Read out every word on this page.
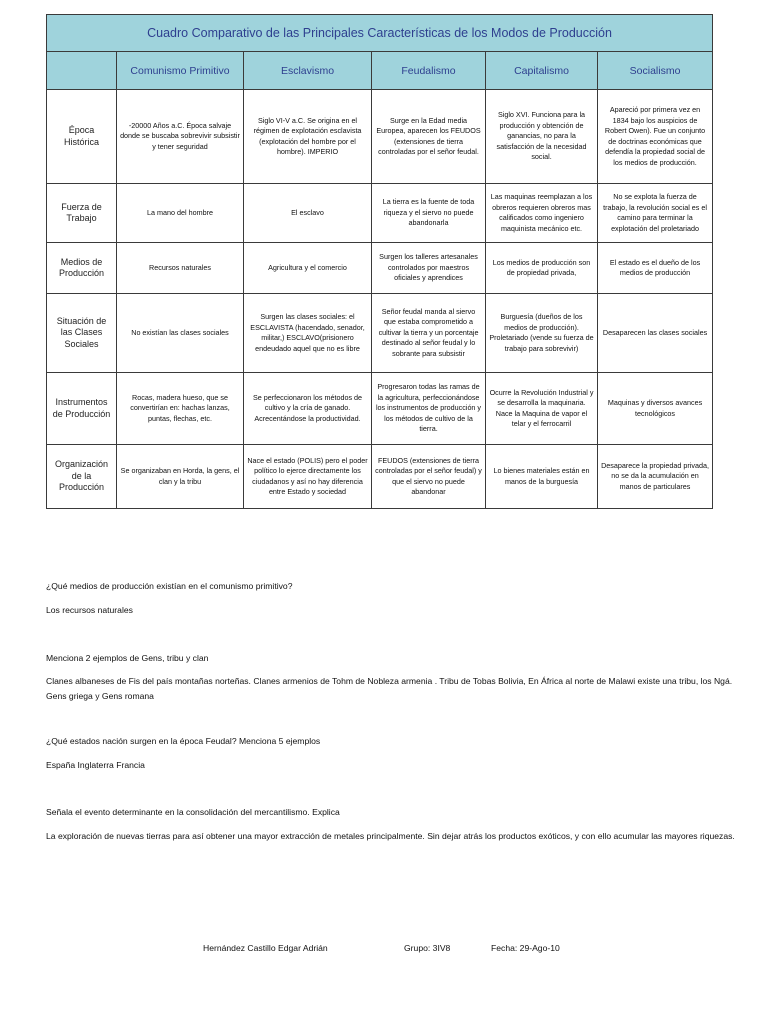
Cuadro Comparativo de las Principales Características de los Modos de Producción					
	Comunismo Primitivo	Esclavismo	Feudalismo	Capitalismo	Socialismo
Época Histórica	-20000 Años a.C. Época salvaje donde se buscaba sobrevivir subsistir y tener seguridad	Siglo VI-V a.C. Se origina en el régimen de explotación esclavista (explotación del hombre por el hombre). IMPERIO	Surge en la Edad media Europea, aparecen los FEUDOS (extensiones de tierra controladas por el señor feudal.	Siglo XVI. Funciona para la producción y obtención de ganancias, no para la satisfacción de la necesidad social.	Apareció por primera vez en 1834 bajo los auspicios de Robert Owen). Fue un conjunto de doctrinas económicas que defendía la propiedad social de los medios de producción.
Fuerza de Trabajo	La mano del hombre	El esclavo	La tierra es la fuente de toda riqueza y el siervo no puede abandonarla	Las maquinas reemplazan a los obreros requieren obreros mas calificados como ingeniero maquinista mecánico etc.	No se explota la fuerza de trabajo, la revolución social es el camino para terminar la explotación del proletariado
Medios de Producción	Recursos naturales	Agricultura y el comercio	Surgen los talleres artesanales controlados por maestros oficiales y aprendices	Los medios de producción son de propiedad privada,	El estado es el dueño de los medios de producción
Situación de las Clases Sociales	No existían las clases sociales	Surgen las clases sociales: el ESCLAVISTA (hacendado, senador, militar,) ESCLAVO(prisionero endeudado aquel que no es libre	Señor feudal manda al siervo que estaba comprometido a cultivar la tierra y un porcentaje destinado al señor feudal y lo sobrante para subsistir	Burguesía (dueños de los medios de producción). Proletariado (vende su fuerza de trabajo para sobrevivir)	Desaparecen las clases sociales
Instrumentos de Producción	Rocas, madera hueso, que se convertirían en: hachas lanzas, puntas, flechas, etc.	Se perfeccionaron los métodos de cultivo y la cría de ganado. Acrecentándose la productividad.	Progresaron todas las ramas de la agricultura, perfeccionándose los instrumentos de producción y los métodos de cultivo de la tierra.	Ocurre la Revolución Industrial y se desarrolla la maquinaria. Nace la Maquina de vapor el telar y el ferrocarril	Maquinas y diversos avances tecnológicos
Organización de la Producción	Se organizaban en Horda, la gens, el clan y la tribu	Nace el estado (POLIS) pero el poder político lo ejerce directamente los ciudadanos y así no hay diferencia entre Estado y sociedad	FEUDOS (extensiones de tierra controladas por el señor feudal) y que el siervo no puede abandonar	Lo bienes materiales están en manos de la burguesía	Desaparece la propiedad privada, no se da la acumulación en manos de particulares
¿Qué medios de producción existían en el comunismo primitivo?
Los recursos naturales
Menciona 2 ejemplos de Gens, tribu y clan
Clanes albaneses de Fis del país montañas norteñas. Clanes armenios de Tohm de Nobleza armenia . Tribu de Tobas Bolivia, En África al norte de Malawi existe una tribu, los Ngá. Gens griega y Gens romana
¿Qué estados nación surgen en la época Feudal? Menciona 5 ejemplos
España Inglaterra Francia
Señala el evento determinante en la consolidación del mercantilismo. Explica
La exploración de nuevas tierras para así obtener una mayor extracción de metales principalmente. Sin dejar atrás los productos exóticos, y con ello acumular las mayores riquezas.
Hernández Castillo Edgar Adrián	Grupo: 3IV8	Fecha: 29-Ago-10
